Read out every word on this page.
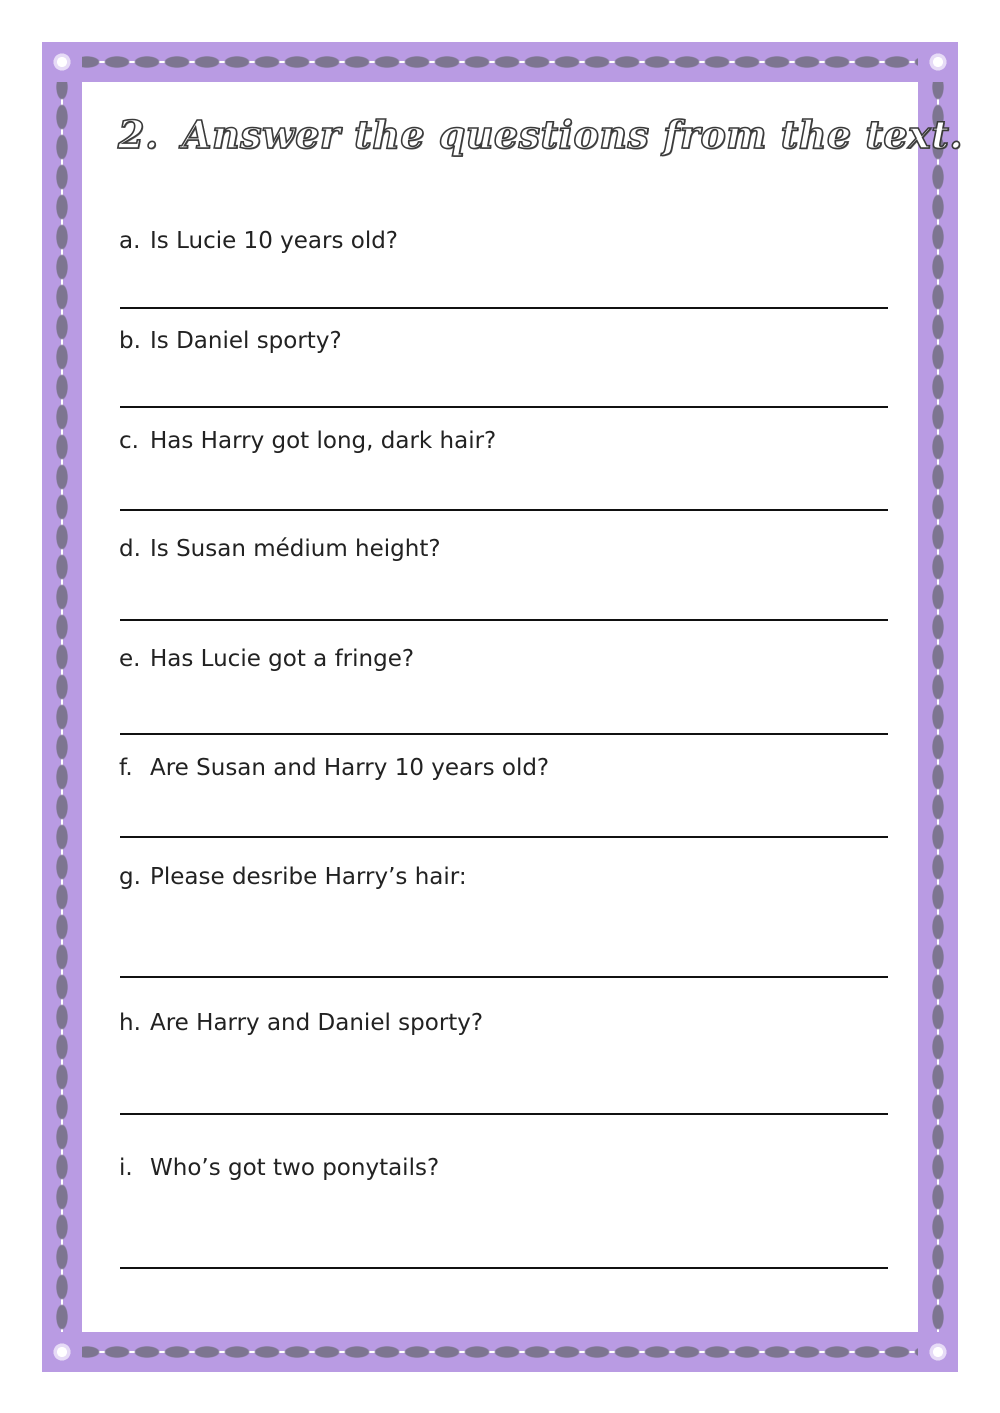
2. Answer the questions from the text.
a. Is Lucie 10 years old?
b. Is Daniel sporty?
c. Has Harry got long, dark hair?
d. Is Susan médium height?
e. Has Lucie got a fringe?
f. Are Susan and Harry 10 years old?
g. Please desribe Harry’s hair:
h. Are Harry and Daniel sporty?
i. Who’s got two ponytails?
